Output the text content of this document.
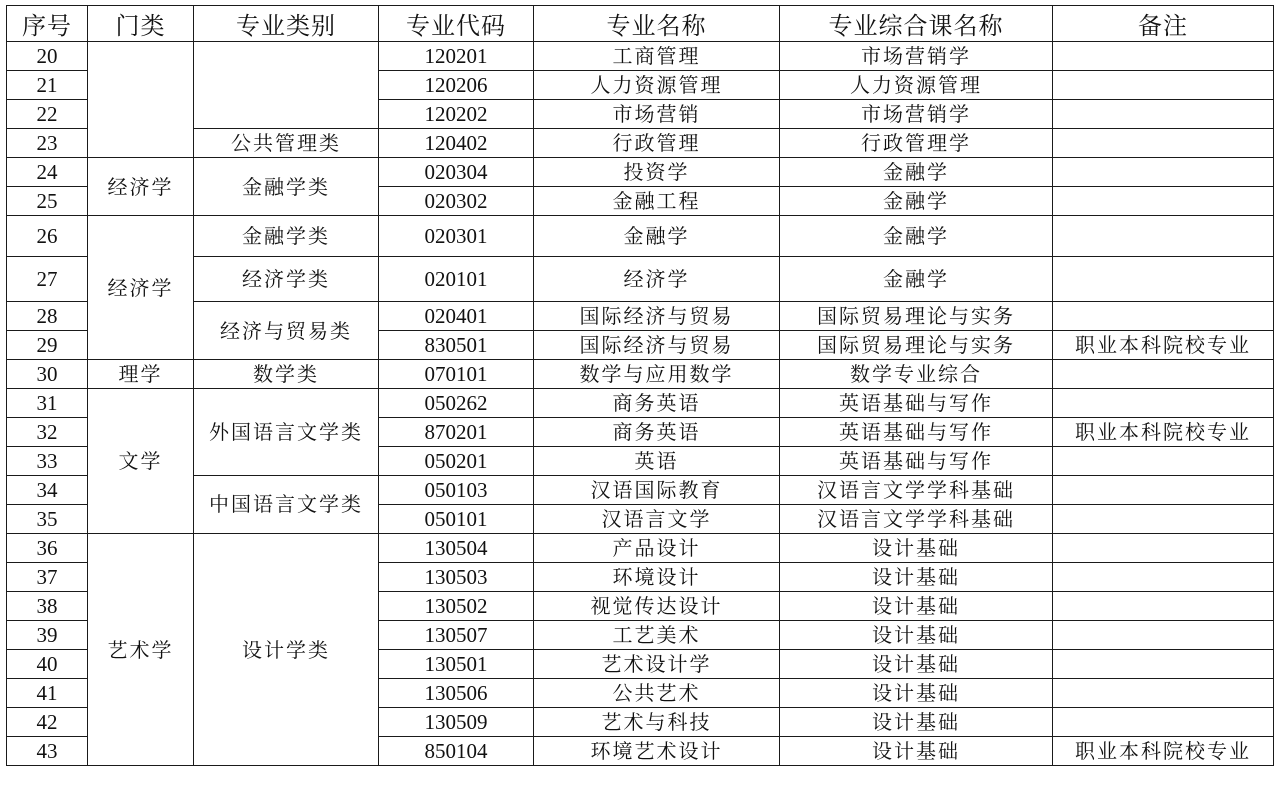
序号	门类	专业类别	专业代码	专业名称	专业综合课名称	备注
20			120201	工商管理	市场营销学	
21			120206	人力资源管理	人力资源管理	
22			120202	市场营销	市场营销学	
23		公共管理类	120402	行政管理	行政管理学	
24	经济学	金融学类	020304	投资学	金融学	
25			020302	金融工程	金融学	
26	经济学	金融学类	020301	金融学	金融学	
27		经济学类	020101	经济学	金融学	
28		经济与贸易类	020401	国际经济与贸易	国际贸易理论与实务	
29			830501	国际经济与贸易	国际贸易理论与实务	职业本科院校专业
30	理学	数学类	070101	数学与应用数学	数学专业综合	
31	文学	外国语言文学类	050262	商务英语	英语基础与写作	
32			870201	商务英语	英语基础与写作	职业本科院校专业
33			050201	英语	英语基础与写作	
34		中国语言文学类	050103	汉语国际教育	汉语言文学学科基础	
35			050101	汉语言文学	汉语言文学学科基础	
36	艺术学	设计学类	130504	产品设计	设计基础	
37			130503	环境设计	设计基础	
38			130502	视觉传达设计	设计基础	
39			130507	工艺美术	设计基础	
40			130501	艺术设计学	设计基础	
41			130506	公共艺术	设计基础	
42			130509	艺术与科技	设计基础	
43			850104	环境艺术设计	设计基础	职业本科院校专业
